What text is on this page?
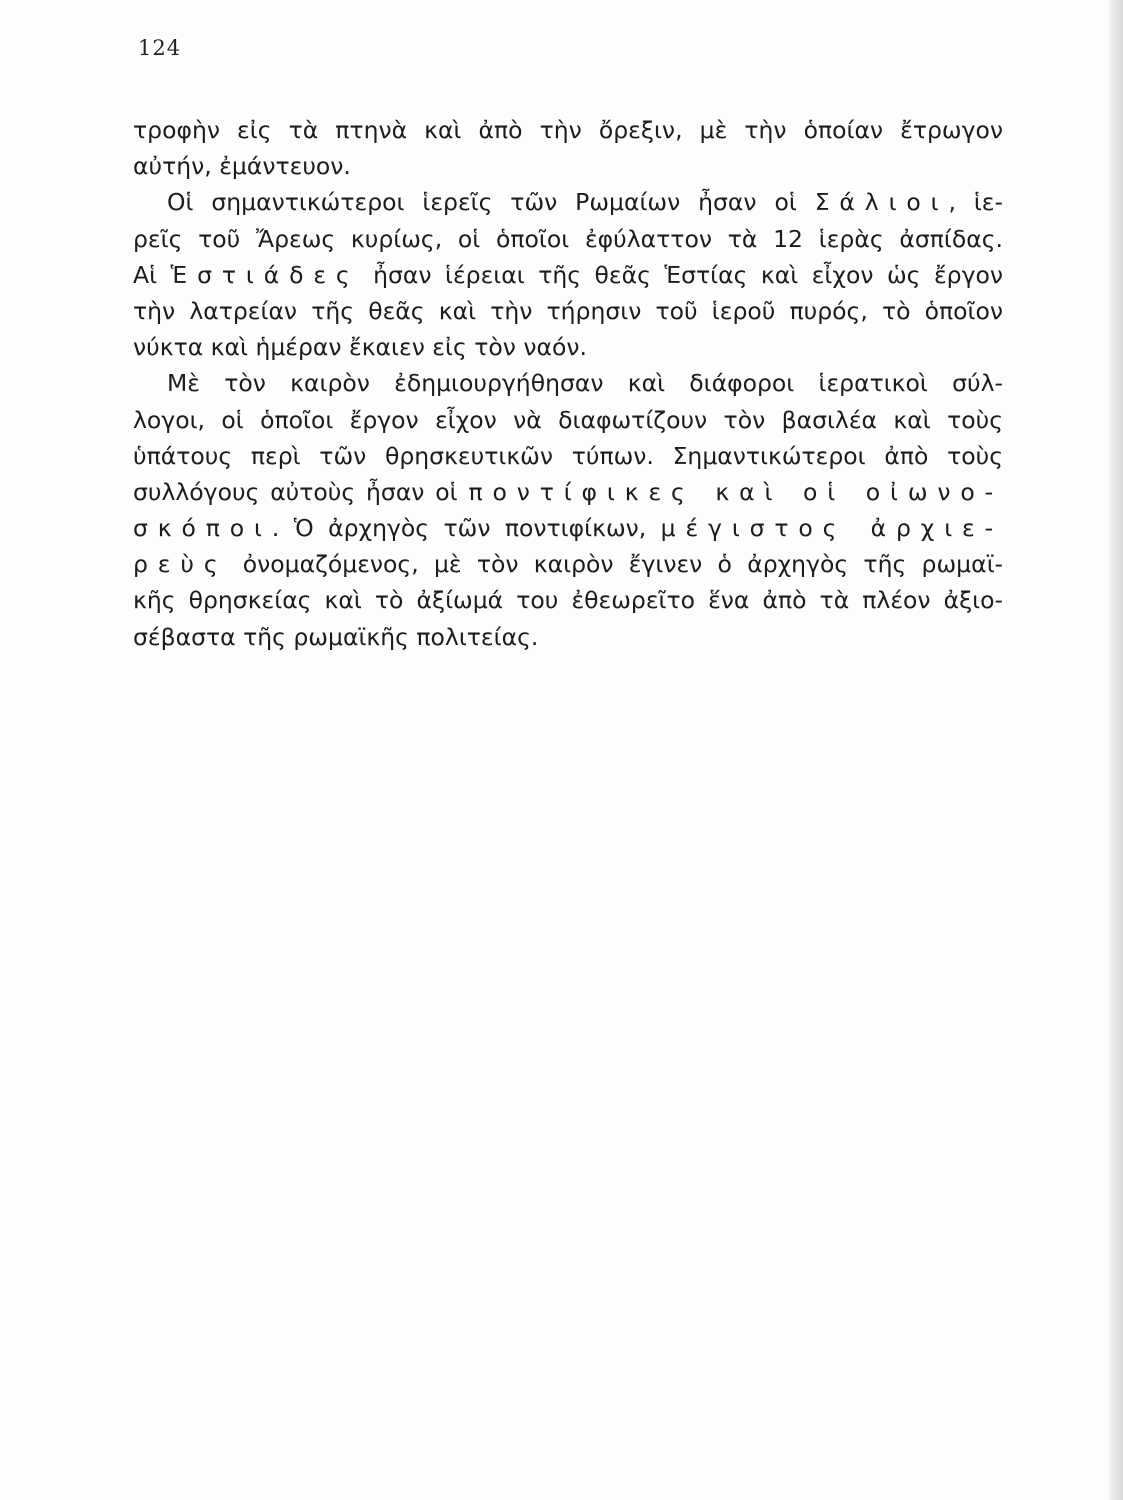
124
τροφὴν εἰς τὰ πτηνὰ καὶ ἀπὸ τὴν ὄρεξιν, μὲ τὴν ὁποίαν ἔτρωγον
αὐτήν, ἐμάντευον.
Οἱ σημαντικώτεροι ἱερεῖς τῶν Ρωμαίων ἦσαν οἱ Σάλιοι, ἱε-
ρεῖς τοῦ Ἄρεως κυρίως, οἱ ὁποῖοι ἐφύλαττον τὰ 12 ἱερὰς ἀσπίδας.
Αἱ Ἑστιάδες ἦσαν ἱέρειαι τῆς θεᾶς Ἑστίας καὶ εἶχον ὡς ἔργον
τὴν λατρείαν τῆς θεᾶς καὶ τὴν τήρησιν τοῦ ἱεροῦ πυρός, τὸ ὁποῖον
νύκτα καὶ ἡμέραν ἔκαιεν εἰς τὸν ναόν.
Μὲ τὸν καιρὸν ἐδημιουργήθησαν καὶ διάφοροι ἱερατικοὶ σύλ-
λογοι, οἱ ὁποῖοι ἔργον εἶχον νὰ διαφωτίζουν τὸν βασιλέα καὶ τοὺς
ὑπάτους περὶ τῶν θρησκευτικῶν τύπων. Σημαντικώτεροι ἀπὸ τοὺς
συλλόγους αὐτοὺς ἦσαν οἱ ποντίφικες καὶ οἱ οἰωνο-
σκόποι. Ὁ ἀρχηγὸς τῶν ποντιφίκων, μέγιστος ἀρχιε-
ρεὺς ὀνομαζόμενος, μὲ τὸν καιρὸν ἔγινεν ὁ ἀρχηγὸς τῆς ρωμαϊ-
κῆς θρησκείας καὶ τὸ ἀξίωμά του ἐθεωρεῖτο ἕνα ἀπὸ τὰ πλέον ἀξιο-
σέβαστα τῆς ρωμαϊκῆς πολιτείας.
